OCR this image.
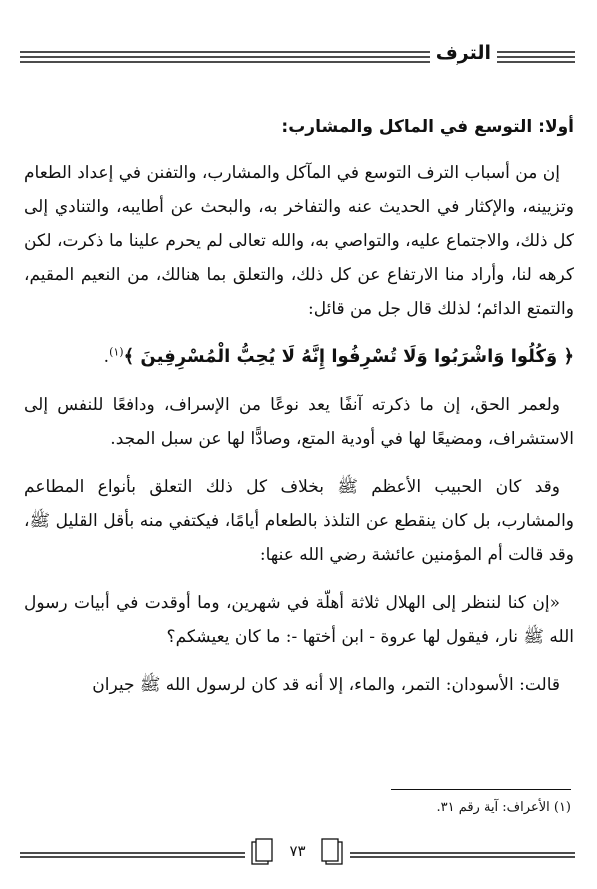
الترف
أولا: التوسع في الماكل والمشارب:

إن من أسباب الترف التوسع في المآكل والمشارب، والتفنن في إعداد الطعام وتزيينه، والإكثار في الحديث عنه والتفاخر به، والبحث عن أطايبه، والتنادي إلى كل ذلك، والاجتماع عليه، والتواصي به، والله تعالى لم يحرم علينا ما ذكرت، لكن كرهه لنا، وأراد منا الارتفاع عن كل ذلك، والتعلق بما هنالك، من النعيم المقيم، والتمتع الدائم؛ لذلك قال جل من قائل:

﴿ وَكُلُوا وَاشْرَبُوا وَلَا تُسْرِفُوا إِنَّهُ لَا يُحِبُّ الْمُسْرِفِينَ ﴾$^{(١)}$.

ولعمر الحق، إن ما ذكرته آنفًا يعد نوعًا من الإسراف، ودافعًا للنفس إلى الاستشراف، ومضيعًا لها في أودية المتع، وصادًّا لها عن سبل المجد.

وقد كان الحبيب الأعظم ﷺ بخلاف كل ذلك التعلق بأنواع المطاعم والمشارب، بل كان ينقطع عن التلذذ بالطعام أيامًا، فيكتفي منه بأقل القليل ﷺ، وقد قالت أم المؤمنين عائشة رضي الله عنها:

«إن كنا لننظر إلى الهلال ثلاثة أهلّة في شهرين، وما أوقدت في أبيات رسول الله ﷺ نار، فيقول لها عروة - ابن أختها -: ما كان يعيشكم؟

قالت: الأسودان: التمر، والماء، إلا أنه قد كان لرسول الله ﷺ جيران

(١) الأعراف: آية رقم ٣١.
٧٣
